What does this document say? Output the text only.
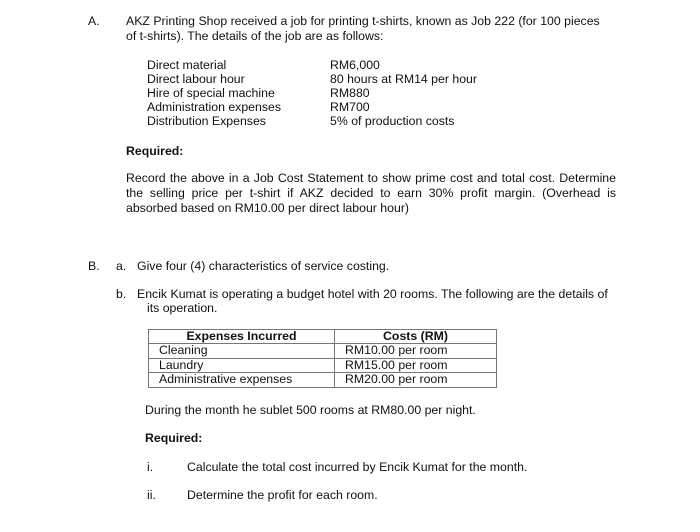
A. AKZ Printing Shop received a job for printing t-shirts, known as Job 222 (for 100 pieces
of t-shirts). The details of the job are as follows:
Direct material	RM6,000
Direct labour hour	80 hours at RM14 per hour
Hire of special machine	RM880
Administration expenses	RM700
Distribution Expenses	5% of production costs
Required:
Record the above in a Job Cost Statement to show prime cost and total cost. Determine the selling price per t-shirt if AKZ decided to earn 30% profit margin. (Overhead is absorbed based on RM10.00 per direct labour hour)
B. a. Give four (4) characteristics of service costing.
b. Encik Kumat is operating a budget hotel with 20 rooms. The following are the details of
its operation.
Expenses Incurred	Costs (RM)
Cleaning	RM10.00 per room
Laundry	RM15.00 per room
Administrative expenses	RM20.00 per room
During the month he sublet 500 rooms at RM80.00 per night.
Required:
i.	Calculate the total cost incurred by Encik Kumat for the month.
ii.	Determine the profit for each room.
